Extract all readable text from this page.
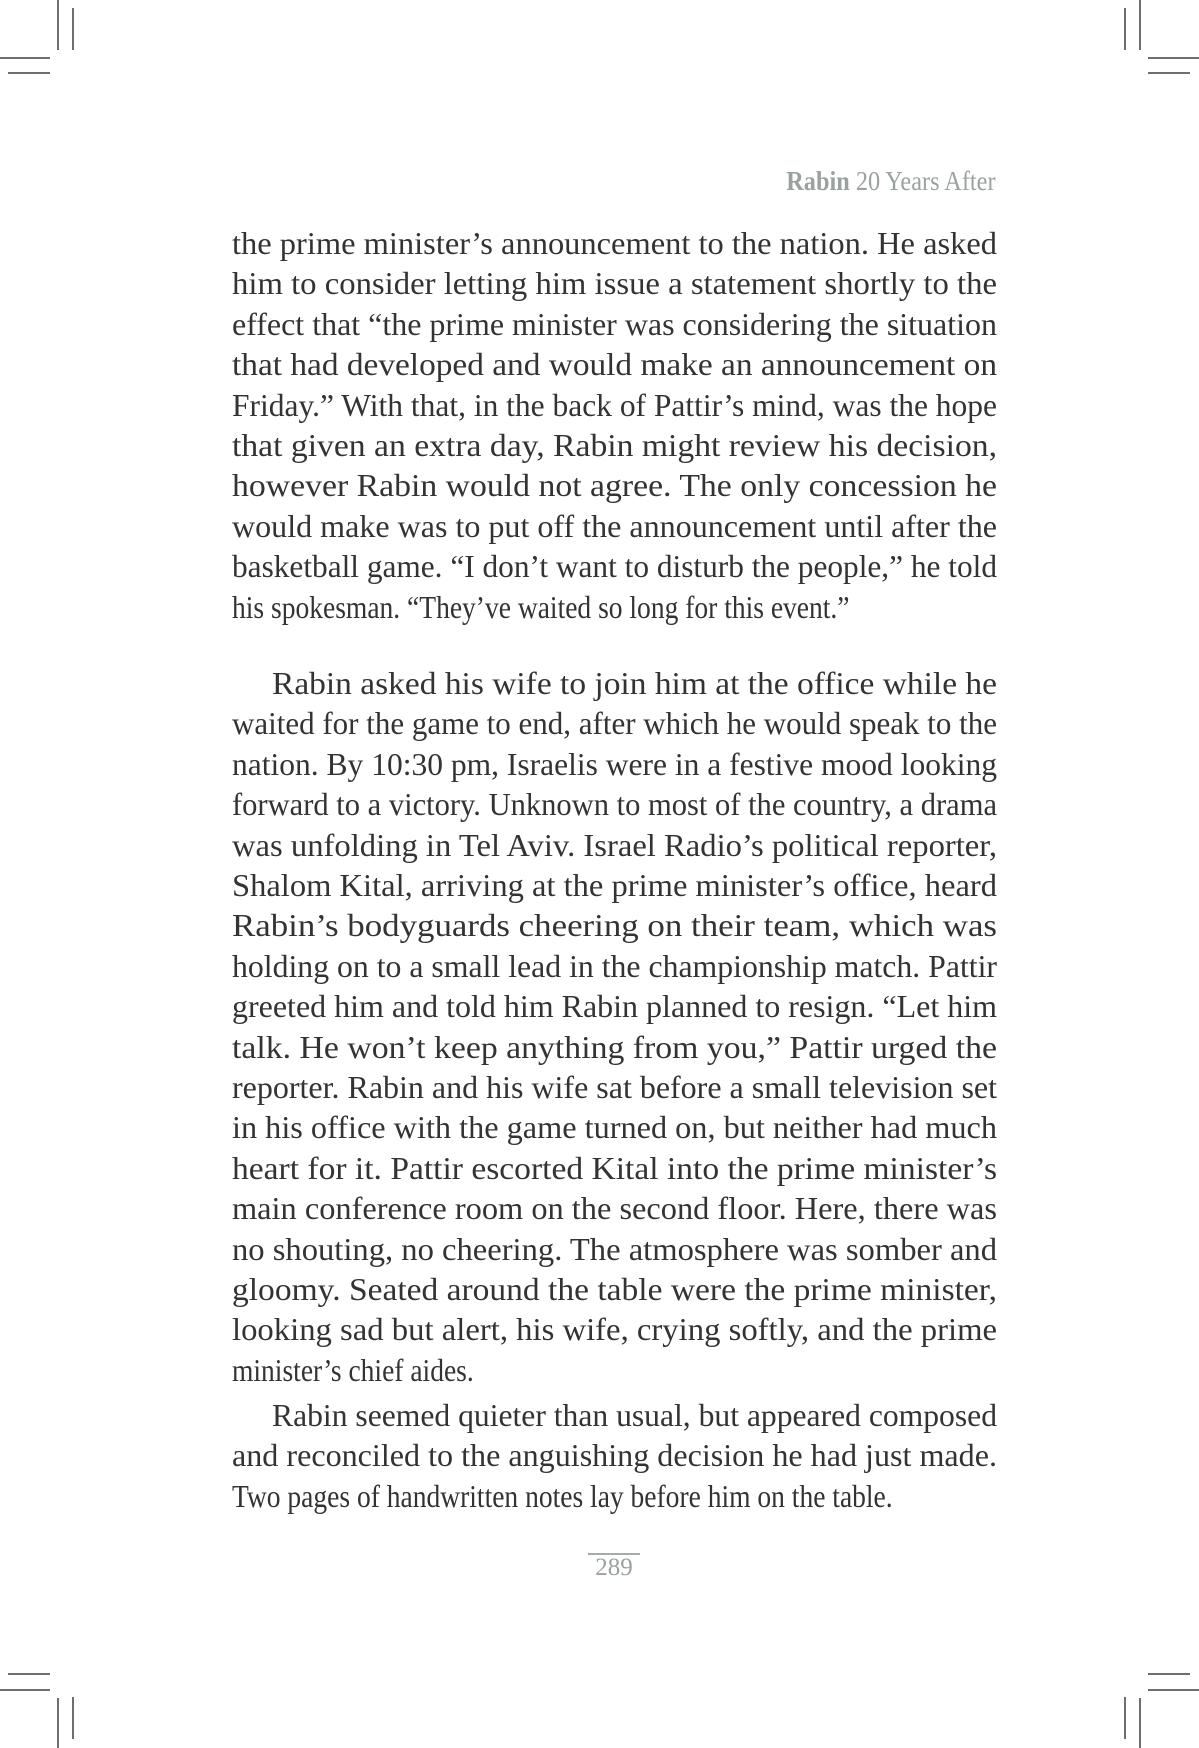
Rabin 20 Years After
the prime minister’s announcement to the nation. He asked
him to consider letting him issue a statement shortly to the
effect that “the prime minister was considering the situation
that had developed and would make an announcement on
Friday.” With that, in the back of Pattir’s mind, was the hope
that given an extra day, Rabin might review his decision,
however Rabin would not agree. The only concession he
would make was to put off the announcement until after the
basketball game. “I don’t want to disturb the people,” he told
his spokesman. “They’ve waited so long for this event.”
Rabin asked his wife to join him at the office while he
waited for the game to end, after which he would speak to the
nation. By 10:30 pm, Israelis were in a festive mood looking
forward to a victory. Unknown to most of the country, a drama
was unfolding in Tel Aviv. Israel Radio’s political reporter,
Shalom Kital, arriving at the prime minister’s office, heard
Rabin’s bodyguards cheering on their team, which was
holding on to a small lead in the championship match. Pattir
greeted him and told him Rabin planned to resign. “Let him
talk. He won’t keep anything from you,” Pattir urged the
reporter. Rabin and his wife sat before a small television set
in his office with the game turned on, but neither had much
heart for it. Pattir escorted Kital into the prime minister’s
main conference room on the second floor. Here, there was
no shouting, no cheering. The atmosphere was somber and
gloomy. Seated around the table were the prime minister,
looking sad but alert, his wife, crying softly, and the prime
minister’s chief aides.
Rabin seemed quieter than usual, but appeared composed
and reconciled to the anguishing decision he had just made.
Two pages of handwritten notes lay before him on the table.
289
